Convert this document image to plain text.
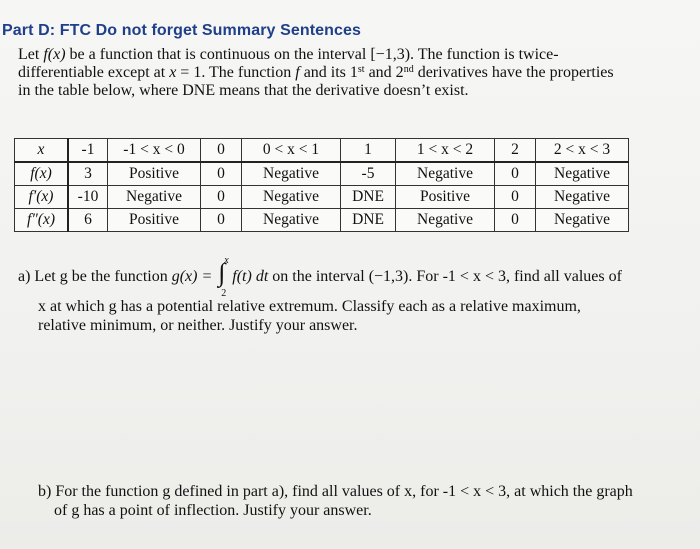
Part D: FTC Do not forget Summary Sentences

Let f(x) be a function that is continuous on the interval [−1,3). The function is twice-

differentiable except at x = 1. The function f and its 1st and 2nd derivatives have the properties

in the table below, where DNE means that the derivative doesn’t exist.

x	-1	-1 < x < 0	0	0 < x < 1	1	1 < x < 2	2	2 < x < 3
f(x)	3	Positive	0	Negative	-5	Negative	0	Negative
f′(x)	-10	Negative	0	Negative	DNE	Positive	0	Negative
f″(x)	6	Positive	0	Negative	DNE	Negative	0	Negative
a) Let g be the function g(x) = ∫
x
2
f(t) dt on the interval (−1,3). For -1 < x < 3, find all values of
x at which g has a potential relative extremum. Classify each as a relative maximum,
relative minimum, or neither. Justify your answer.
b) For the function g defined in part a), find all values of x, for -1 < x < 3, at which the graph
of g has a point of inflection. Justify your answer.
